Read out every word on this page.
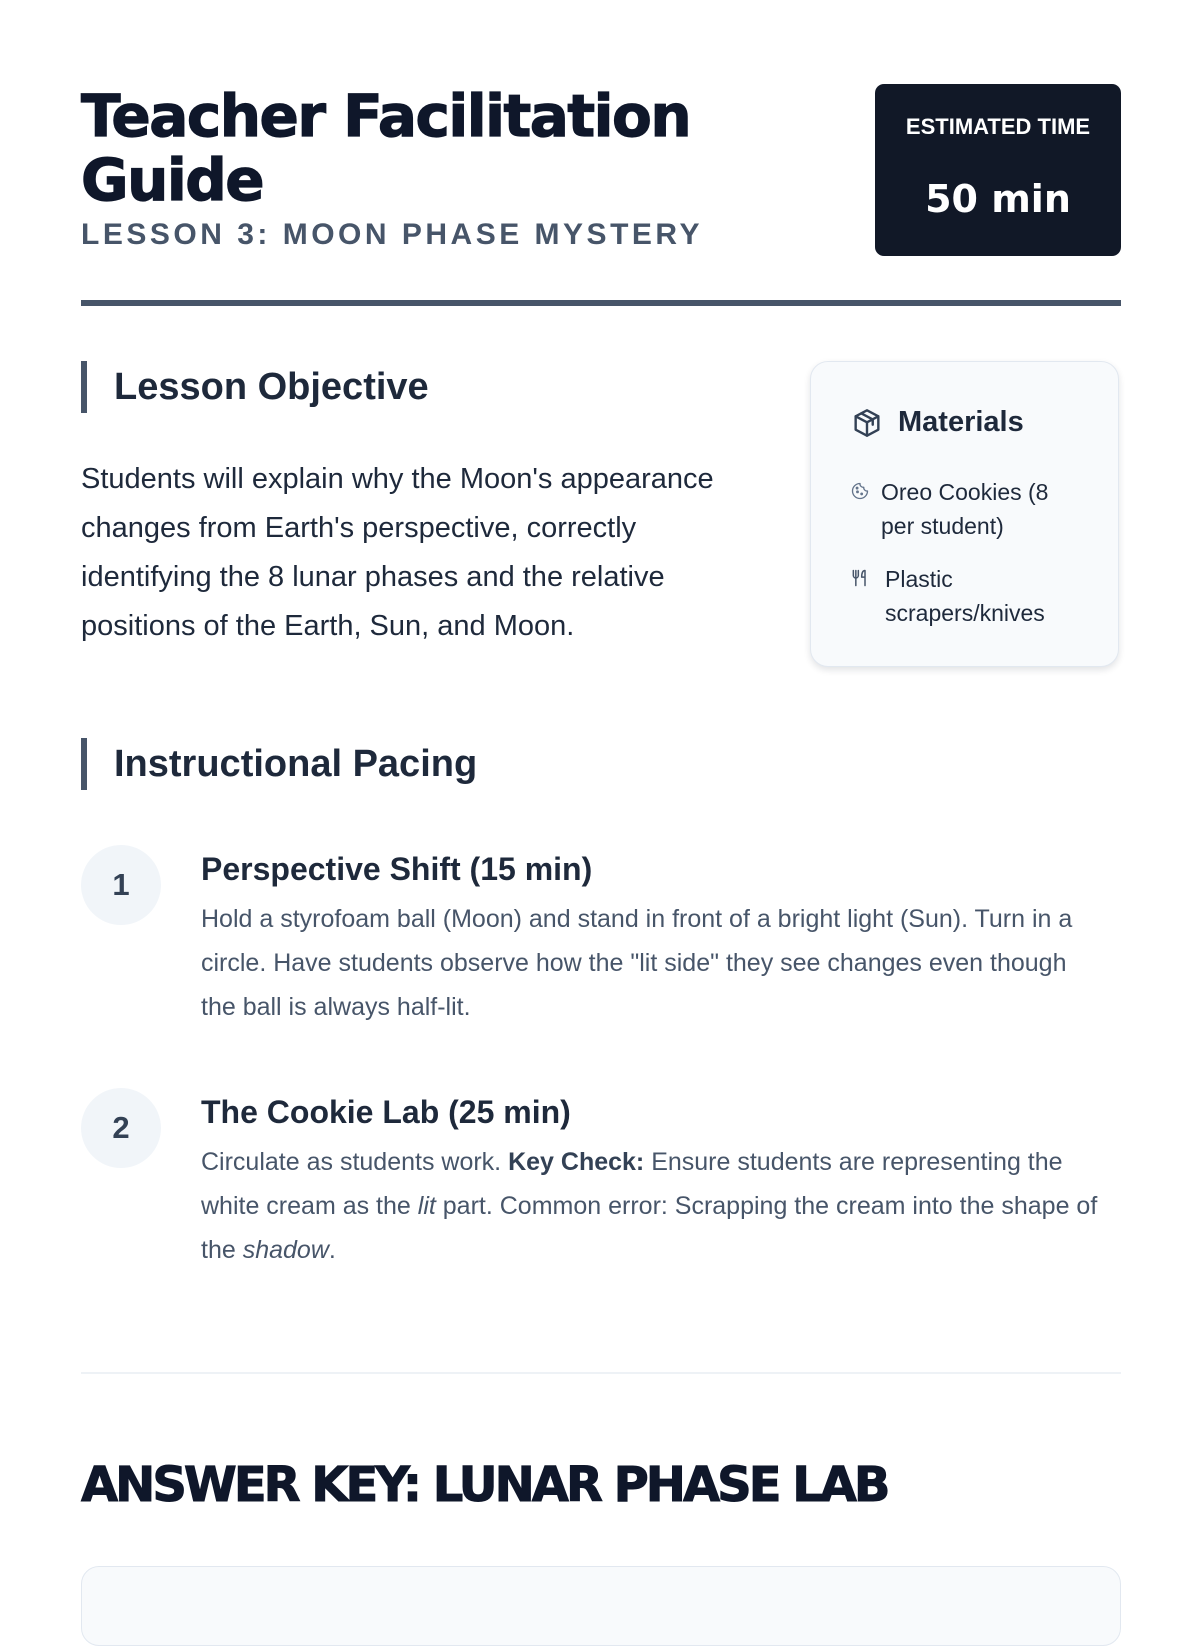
Teacher Facilitation Guide

LESSON 3: MOON PHASE MYSTERY

ESTIMATED TIME
50 min
Lesson Objective

Students will explain why the Moon's appearance changes from Earth's perspective, correctly identifying the 8 lunar phases and the relative positions of the Earth, Sun, and Moon.

Materials
Oreo Cookies (8 per student)
Plastic scrapers/knives
Instructional Pacing
1	Perspective Shift (15 min)

Hold a styrofoam ball (Moon) and stand in front of a bright light (Sun). Turn in a circle. Have students observe how the "lit side" they see changes even though the ball is always half-lit.

2	The Cookie Lab (25 min)

Circulate as students work. Key Check: Ensure students are representing the white cream as the lit part. Common error: Scrapping the cream into the shape of the shadow.

ANSWER KEY: LUNAR PHASE LAB
